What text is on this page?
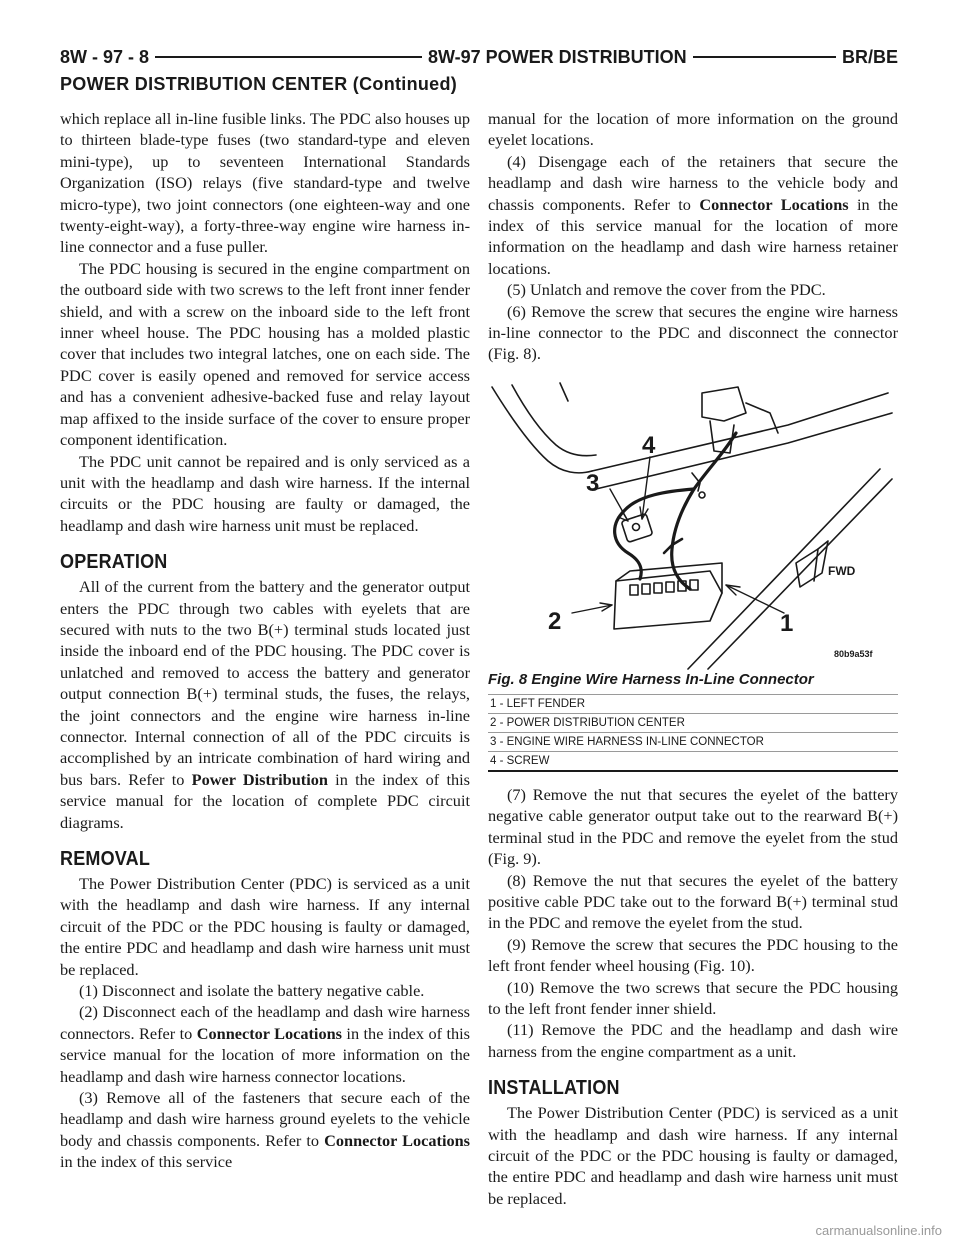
8W - 97 - 8	8W-97 POWER DISTRIBUTION	BR/BE
POWER DISTRIBUTION CENTER (Continued)

which replace all in-line fusible links. The PDC also houses up to thirteen blade-type fuses (two standard-type and eleven mini-type), up to seventeen International Standards Organization (ISO) relays (five standard-type and twelve micro-type), two joint connectors (one eighteen-way and one twenty-eight-way), a forty-three-way engine wire harness in-line connector and a fuse puller.

The PDC housing is secured in the engine compartment on the outboard side with two screws to the left front inner fender shield, and with a screw on the inboard side to the left front inner wheel house. The PDC housing has a molded plastic cover that includes two integral latches, one on each side. The PDC cover is easily opened and removed for service access and has a convenient adhesive-backed fuse and relay layout map affixed to the inside surface of the cover to ensure proper component identification.

The PDC unit cannot be repaired and is only serviced as a unit with the headlamp and dash wire harness. If the internal circuits or the PDC housing are faulty or damaged, the headlamp and dash wire harness unit must be replaced.

OPERATION

All of the current from the battery and the generator output enters the PDC through two cables with eyelets that are secured with nuts to the two B(+) terminal studs located just inside the inboard end of the PDC housing. The PDC cover is unlatched and removed to access the battery and generator output connection B(+) terminal studs, the fuses, the relays, the joint connectors and the engine wire harness in-line connector. Internal connection of all of the PDC circuits is accomplished by an intricate combination of hard wiring and bus bars. Refer to Power Distribution in the index of this service manual for the location of complete PDC circuit diagrams.

REMOVAL

The Power Distribution Center (PDC) is serviced as a unit with the headlamp and dash wire harness. If any internal circuit of the PDC or the PDC housing is faulty or damaged, the entire PDC and headlamp and dash wire harness unit must be replaced.

(1) Disconnect and isolate the battery negative cable.

(2) Disconnect each of the headlamp and dash wire harness connectors. Refer to Connector Locations in the index of this service manual for the location of more information on the headlamp and dash wire harness connector locations.

(3) Remove all of the fasteners that secure each of the headlamp and dash wire harness ground eyelets to the vehicle body and chassis components. Refer to Connector Locations in the index of this service

manual for the location of more information on the ground eyelet locations.

(4) Disengage each of the retainers that secure the headlamp and dash wire harness to the vehicle body and chassis components. Refer to Connector Locations in the index of this service manual for the location of more information on the headlamp and dash wire harness retainer locations.

(5) Unlatch and remove the cover from the PDC.

(6) Remove the screw that secures the engine wire harness in-line connector to the PDC and disconnect the connector (Fig. 8).

1
2
3
4
FWD
80b9a53f
Fig. 8 Engine Wire Harness In-Line Connector
1 - LEFT FENDER
2 - POWER DISTRIBUTION CENTER
3 - ENGINE WIRE HARNESS IN-LINE CONNECTOR
4 - SCREW

(7) Remove the nut that secures the eyelet of the battery negative cable generator output take out to the rearward B(+) terminal stud in the PDC and remove the eyelet from the stud (Fig. 9).

(8) Remove the nut that secures the eyelet of the battery positive cable PDC take out to the forward B(+) terminal stud in the PDC and remove the eyelet from the stud.

(9) Remove the screw that secures the PDC housing to the left front fender wheel housing (Fig. 10).

(10) Remove the two screws that secure the PDC housing to the left front fender inner shield.

(11) Remove the PDC and the headlamp and dash wire harness from the engine compartment as a unit.

INSTALLATION

The Power Distribution Center (PDC) is serviced as a unit with the headlamp and dash wire harness. If any internal circuit of the PDC or the PDC housing is faulty or damaged, the entire PDC and headlamp and dash wire harness unit must be replaced.

carmanualsonline.info
